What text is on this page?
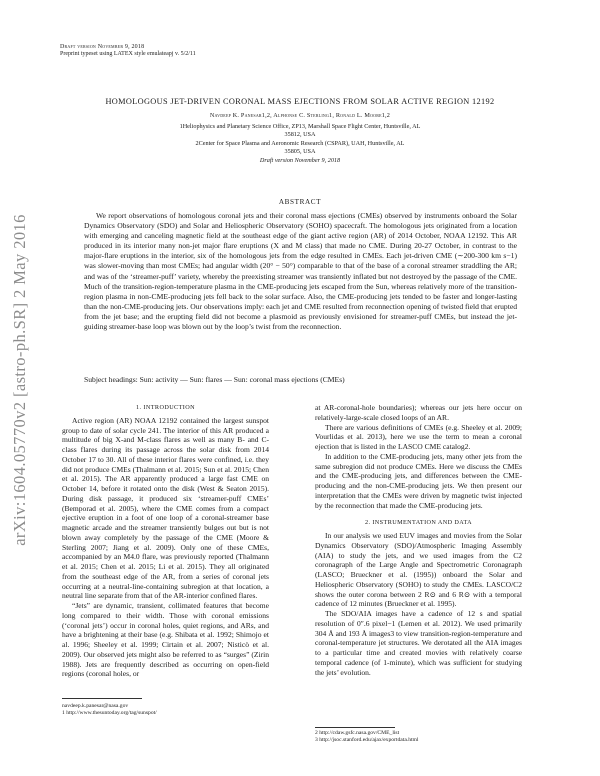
Draft version November 9, 2018
Preprint typeset using LATEX style emulateapj v. 5/2/11
arXiv:1604.05770v2 [astro-ph.SR] 2 May 2016
HOMOLOGOUS JET-DRIVEN CORONAL MASS EJECTIONS FROM SOLAR ACTIVE REGION 12192
Navdeep K. Panesar1,2, Alphonse C. Sterling1, Ronald L. Moore1,2
1Heliophysics and Planetary Science Office, ZP13, Marshall Space Flight Center, Huntsville, AL
35812, USA
2Center for Space Plasma and Aeronomic Research (CSPAR), UAH, Huntsville, AL
35805, USA
Draft version November 9, 2018
ABSTRACT
We report observations of homologous coronal jets and their coronal mass ejections (CMEs) observed by instruments onboard the Solar Dynamics Observatory (SDO) and Solar and Heliospheric Observatory (SOHO) spacecraft. The homologous jets originated from a location with emerging and canceling magnetic field at the southeast edge of the giant active region (AR) of 2014 October, NOAA 12192. This AR produced in its interior many non-jet major flare eruptions (X and M class) that made no CME. During 20-27 October, in contrast to the major-flare eruptions in the interior, six of the homologous jets from the edge resulted in CMEs. Each jet-driven CME (∼200-300 km s−1) was slower-moving than most CMEs; had angular width (20° − 50°) comparable to that of the base of a coronal streamer straddling the AR; and was of the ‘streamer-puff’ variety, whereby the preexisting streamer was transiently inflated but not destroyed by the passage of the CME. Much of the transition-region-temperature plasma in the CME-producing jets escaped from the Sun, whereas relatively more of the transition-region plasma in non-CME-producing jets fell back to the solar surface. Also, the CME-producing jets tended to be faster and longer-lasting than the non-CME-producing jets. Our observations imply: each jet and CME resulted from reconnection opening of twisted field that erupted from the jet base; and the erupting field did not become a plasmoid as previously envisioned for streamer-puff CMEs, but instead the jet-guiding streamer-base loop was blown out by the loop’s twist from the reconnection.
Subject headings: Sun: activity — Sun: flares — Sun: coronal mass ejections (CMEs)

1. INTRODUCTION

Active region (AR) NOAA 12192 contained the largest sunspot group to date of solar cycle 241. The interior of this AR produced a multitude of big X-and M-class flares as well as many B- and C-class flares during its passage across the solar disk from 2014 October 17 to 30. All of these interior flares were confined, i.e. they did not produce CMEs (Thalmann et al. 2015; Sun et al. 2015; Chen et al. 2015). The AR apparently produced a large fast CME on October 14, before it rotated onto the disk (West & Seaton 2015). During disk passage, it produced six ‘streamer-puff CMEs’ (Bemporad et al. 2005), where the CME comes from a compact ejective eruption in a foot of one loop of a coronal-streamer base magnetic arcade and the streamer transiently bulges out but is not blown away completely by the passage of the CME (Moore & Sterling 2007; Jiang et al. 2009). Only one of these CMEs, accompanied by an M4.0 flare, was previously reported (Thalmann et al. 2015; Chen et al. 2015; Li et al. 2015). They all originated from the southeast edge of the AR, from a series of coronal jets occurring at a neutral-line-containing subregion at that location, a neutral line separate from that of the AR-interior confined flares.

“Jets” are dynamic, transient, collimated features that become long compared to their width. Those with coronal emissions (‘coronal jets’) occur in coronal holes, quiet regions, and ARs, and have a brightening at their base (e.g. Shibata et al. 1992; Shimojo et al. 1996; Sheeley et al. 1999; Cirtain et al. 2007; Nisticò et al. 2009). Our observed jets might also be referred to as “surges” (Zirin 1988). Jets are frequently described as occurring on open-field regions (coronal holes, or

navdeep.k.panesar@nasa.gov
1 http://www.thesuntoday.org/tag/sunspot/

at AR-coronal-hole boundaries); whereas our jets here occur on relatively-large-scale closed loops of an AR.

There are various definitions of CMEs (e.g. Sheeley et al. 2009; Vourlidas et al. 2013), here we use the term to mean a coronal ejection that is listed in the LASCO CME catalog2.

In addition to the CME-producing jets, many other jets from the same subregion did not produce CMEs. Here we discuss the CMEs and the CME-producing jets, and differences between the CME-producing and the non-CME-producing jets. We then present our interpretation that the CMEs were driven by magnetic twist injected by the reconnection that made the CME-producing jets.

2. INSTRUMENTATION AND DATA

In our analysis we used EUV images and movies from the Solar Dynamics Observatory (SDO)/Atmospheric Imaging Assembly (AIA) to study the jets, and we used images from the C2 coronagraph of the Large Angle and Spectrometric Coronagraph (LASCO; Brueckner et al. (1995)) onboard the Solar and Heliospheric Observatory (SOHO) to study the CMEs. LASCO/C2 shows the outer corona between 2 R⊙ and 6 R⊙ with a temporal cadence of 12 minutes (Brueckner et al. 1995).

The SDO/AIA images have a cadence of 12 s and spatial resolution of 0″.6 pixel−1 (Lemen et al. 2012). We used primarily 304 Å and 193 Å images3 to view transition-region-temperature and coronal-temperature jet structures. We derotated all the AIA images to a particular time and created movies with relatively coarse temporal cadence (of 1-minute), which was sufficient for studying the jets’ evolution.

2 http://cdaw.gsfc.nasa.gov/CME_list
3 http://jsoc.stanford.edu/ajax/exportdata.html
